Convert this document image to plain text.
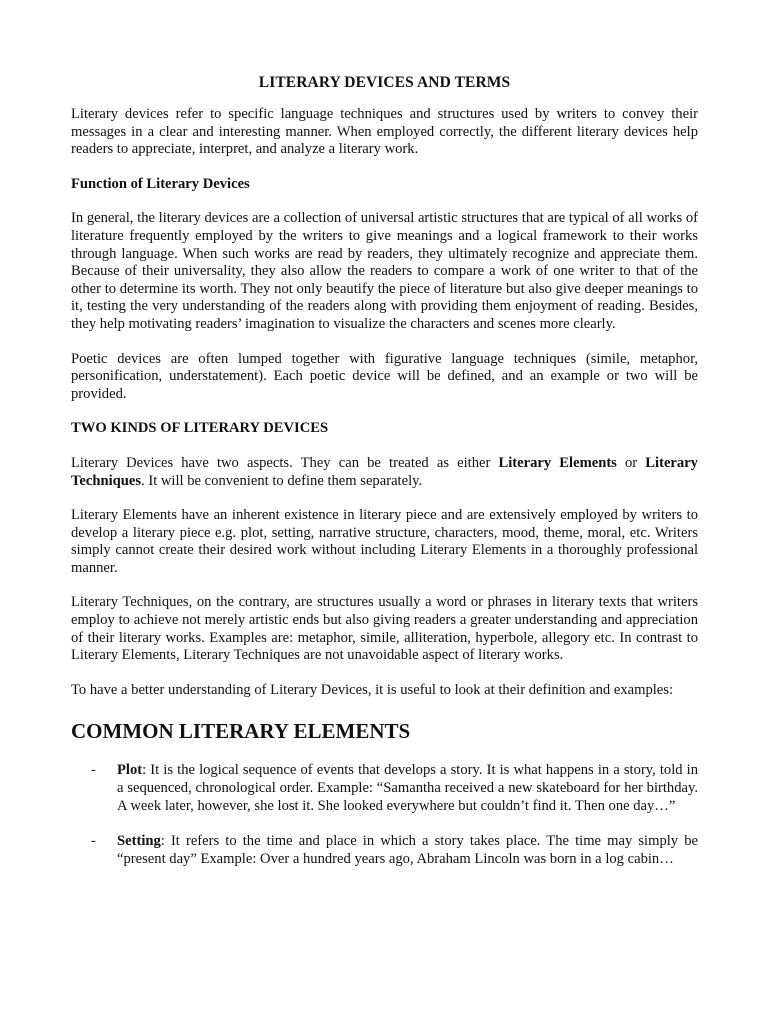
LITERARY DEVICES AND TERMS

Literary devices refer to specific language techniques and structures used by writers to convey their messages in a clear and interesting manner. When employed correctly, the different literary devices help readers to appreciate, interpret, and analyze a literary work.

Function of Literary Devices

In general, the literary devices are a collection of universal artistic structures that are typical of all works of literature frequently employed by the writers to give meanings and a logical framework to their works through language. When such works are read by readers, they ultimately recognize and appreciate them. Because of their universality, they also allow the readers to compare a work of one writer to that of the other to determine its worth. They not only beautify the piece of literature but also give deeper meanings to it, testing the very understanding of the readers along with providing them enjoyment of reading. Besides, they help motivating readers’ imagination to visualize the characters and scenes more clearly.

Poetic devices are often lumped together with figurative language techniques (simile, metaphor, personification, understatement). Each poetic device will be defined, and an example or two will be provided.

TWO KINDS OF LITERARY DEVICES

Literary Devices have two aspects. They can be treated as either Literary Elements or Literary Techniques. It will be convenient to define them separately.

Literary Elements have an inherent existence in literary piece and are extensively employed by writers to develop a literary piece e.g. plot, setting, narrative structure, characters, mood, theme, moral, etc. Writers simply cannot create their desired work without including Literary Elements in a thoroughly professional manner.

Literary Techniques, on the contrary, are structures usually a word or phrases in literary texts that writers employ to achieve not merely artistic ends but also giving readers a greater understanding and appreciation of their literary works. Examples are: metaphor, simile, alliteration, hyperbole, allegory etc. In contrast to Literary Elements, Literary Techniques are not unavoidable aspect of literary works.

To have a better understanding of Literary Devices, it is useful to look at their definition and examples:

COMMON LITERARY ELEMENTS
- Plot: It is the logical sequence of events that develops a story. It is what happens in a story, told in a sequenced, chronological order. Example: “Samantha received a new skateboard for her birthday. A week later, however, she lost it. She looked everywhere but couldn’t find it. Then one day…”
- Setting: It refers to the time and place in which a story takes place. The time may simply be “present day” Example: Over a hundred years ago, Abraham Lincoln was born in a log cabin…
